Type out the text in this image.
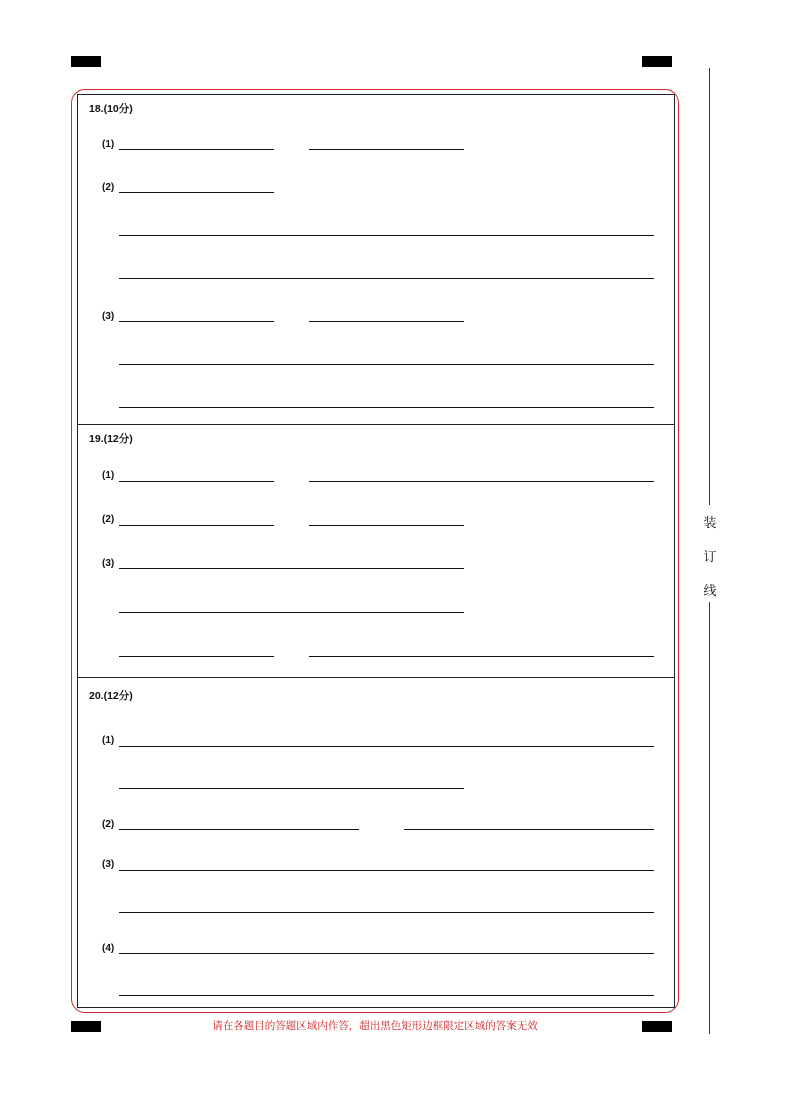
18.(10分)
(1)
(2)
(3)
19.(12分)
(1)
(2)
(3)
20.(12分)
(1)
(2)
(3)
(4)
装
订
线
请在各题目的答题区域内作答，超出黑色矩形边框限定区域的答案无效
